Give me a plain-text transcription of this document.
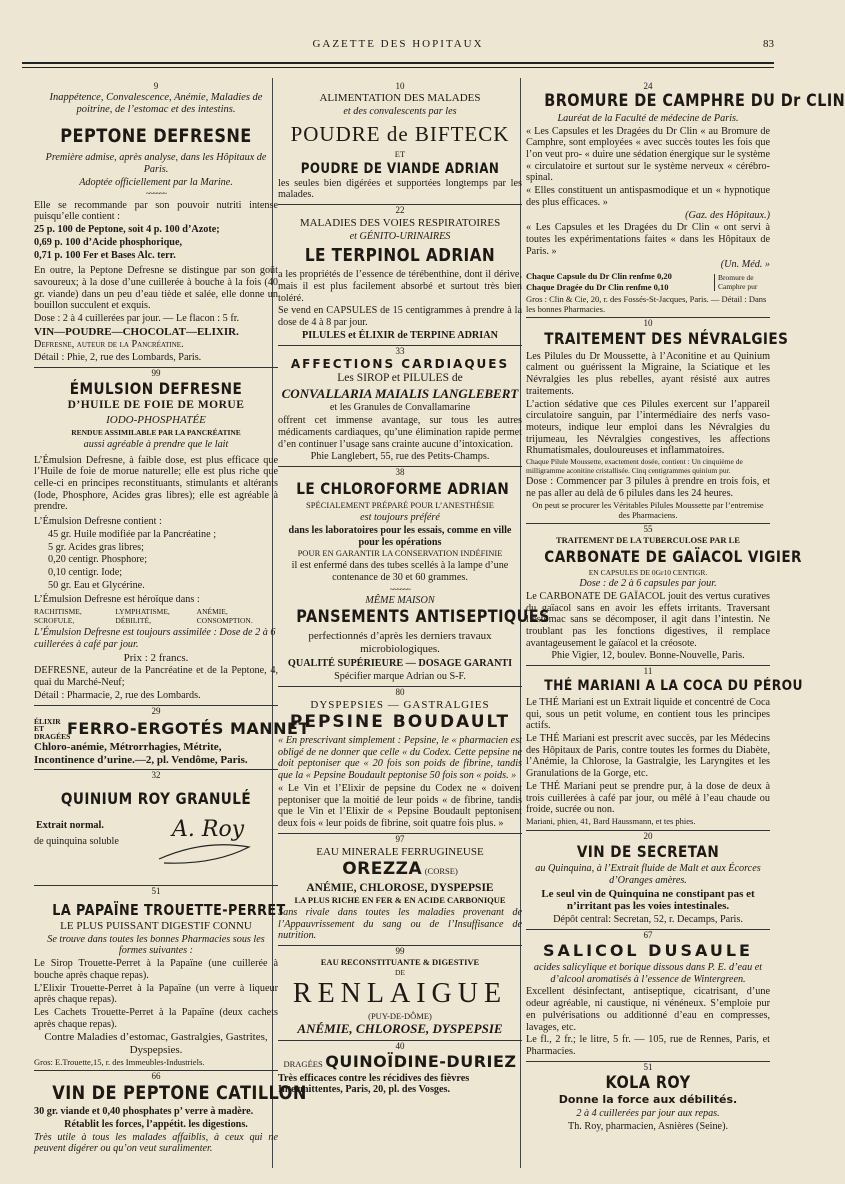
GAZETTE DES HOPITAUX	83
9

Inappétence, Convalescence, Anémie, Maladies de poitrine, de l’estomac et des intestins.

PEPTONE DEFRESNE

Première admise, après analyse, dans les Hôpitaux de Paris.

Adoptée officiellement par la Marine.

~~~~~~

Elle se recommande par son pouvoir nutriti intense puisqu’elle contient :

25 p. 100 de Peptone, soit 4 p. 100 d’Azote;

0,69 p. 100 d’Acide phosphorique,

0,71 p. 100 Fer et Bases Alc. terr.

En outre, la Peptone Defresne se distingue par son goût savoureux; à la dose d’une cuillerée à bouche à la fois (40 gr. viande) dans un peu d’eau tiède et salée, elle donne un bouillon succulent et exquis.

Dose : 2 à 4 cuillerées par jour. — Le flacon : 5 fr.

VIN—POUDRE—CHOCOLAT—ELIXIR.

Defresne, auteur de la Pancréatine.

Détail : Phie, 2, rue des Lombards, Paris.

99
ÉMULSION DEFRESNE

D’HUILE DE FOIE DE MORUE

IODO-PHOSPHATÉE

RENDUE ASSIMILABLE PAR LA PANCRÉATINE

aussi agréable à prendre que le lait

L’Émulsion Defresne, à faible dose, est plus efficace que l’Huile de foie de morue naturelle; elle est plus riche que celle-ci en principes reconstituants, stimulants et altérants (Iode, Phosphore, Acides gras libres); elle est agréable à prendre.

L’Émulsion Defresne contient :

45 gr. Huile modifiée par la Pancréatine ;

5 gr. Acides gras libres;

0,20 centigr. Phosphore;

0,10 centigr. Iode;

50 gr. Eau et Glycérine.

L’Émulsion Defresne est héroïque dans :

RACHITISME,	LYMPHATISME,	ANÉMIE,
SCROFULE,	DÉBILITÉ,	CONSOMPTION.

L’Émulsion Defresne est toujours assimilée : Dose de 2 à 6 cuillerées à café par jour.

Prix : 2 francs.

DEFRESNE, auteur de la Pancréatine et de la Peptone, 4, quai du Marché-Neuf;

Détail : Pharmacie, 2, rue des Lombards.

29
ÉLIXIR ET DRAGÉES
FERRO-ERGOTÉS MANNET

Chloro-anémie, Métrorrhagies, Métrite, Incontinence d’urine.—2, pl. Vendôme, Paris.

32
QUINIUM ROY GRANULÉ

Extrait normal.

de quinquina soluble A. Roy
51
LA PAPAÏNE TROUETTE-PERRET

LE PLUS PUISSANT DIGESTIF CONNU

Se trouve dans toutes les bonnes Pharmacies sous les formes suivantes :

Le Sirop Trouette-Perret à la Papaïne (une cuillerée à bouche après chaque repas).

L’Elixir Trouette-Perret à la Papaïne (un verre à liqueur après chaque repas).

Les Cachets Trouette-Perret à la Papaïne (deux cachets après chaque repas).

Contre Maladies d’estomac, Gastralgies, Gastrites, Dyspepsies.

Gros: E.Trouette,15, r. des Immeubles-Industriels.

66
VIN DE PEPTONE CATILLON

30 gr. viande et 0,40 phosphates p’ verre à madère.

Rétablit les forces, l’appétit. les digestions.

Très utile à tous les malades affaiblis, à ceux qui ne peuvent digérer ou qu’on veut suralimenter.

10

ALIMENTATION DES MALADES

et des convalescents par les

POUDRE de BIFTECK

ET

POUDRE DE VIANDE ADRIAN

les seules bien digérées et supportées longtemps par les malades.

22

MALADIES DES VOIES RESPIRATOIRES

et GÉNITO-URINAIRES

LE TERPINOL ADRIAN

a les propriétés de l’essence de térébenthine, dont il dérive, mais il est plus facilement absorbé et surtout très bien toléré.

Se vend en CAPSULES de 15 centigrammes à prendre à la dose de 4 à 8 par jour.

PILULES et ÉLIXIR de TERPINE ADRIAN

33

AFFECTIONS CARDIAQUES

Les SIROP et PILULES de

CONVALLARIA MAIALIS LANGLEBERT

et les Granules de Convallamarine

offrent cet immense avantage, sur tous les autres médicaments cardiaques, qu’une élimination rapide permet d’en continuer l’usage sans crainte aucune d’intoxication.

Phie Langlebert, 55, rue des Petits-Champs.

38
LE CHLOROFORME ADRIAN

SPÉCIALEMENT PRÉPARÉ POUR L’ANESTHÉSIE

est toujours préféré

dans les laboratoires pour les essais, comme en ville pour les opérations

POUR EN GARANTIR LA CONSERVATION INDÉFINIE

il est enfermé dans des tubes scellés à la lampe d’une contenance de 30 et 60 grammes.

~~~~~~

MÊME MAISON

PANSEMENTS ANTISEPTIQUES

perfectionnés d’après les derniers travaux microbiologiques.

QUALITÉ SUPÉRIEURE — DOSAGE GARANTI

Spécifier marque Adrian ou S-F.

80

DYSPEPSIES — GASTRALGIES

PEPSINE BOUDAULT

« En prescrivant simplement : Pepsine, le « pharmacien est obligé de ne donner que celle « du Codex. Cette pepsine ne doit peptoniser que « 20 fois son poids de fibrine, tandis que la « Pepsine Boudault peptonise 50 fois son « poids. »

« Le Vin et l’Elixir de pepsine du Codex ne « doivent peptoniser que la moitié de leur poids « de fibrine, tandis que le Vin et l’Elixir de « Pepsine Boudault peptonisent deux fois « leur poids de fibrine, soit quatre fois plus. »

97

EAU MINERALE FERRUGINEUSE

OREZZA (CORSE)

ANÉMIE, CHLOROSE, DYSPEPSIE

LA PLUS RICHE EN FER & EN ACIDE CARBONIQUE

Sans rivale dans toutes les maladies provenant de l’Appauvrissement du sang ou de l’Insuffisance de nutrition.

99

EAU RECONSTITUANTE & DIGESTIVE

DE

RENLAIGUE

(PUY-DE-DÔME)

ANÉMIE, CHLOROSE, DYSPEPSIE

40
DRAGÉES QUINOÏDINE-DURIEZ

Très efficaces contre les récidives des fièvres Intermittentes, Paris, 20, pl. des Vosges.

24
BROMURE DE CAMPHRE DU Dr CLIN

Lauréat de la Faculté de médecine de Paris.

« Les Capsules et les Dragées du Dr Clin « au Bromure de Camphre, sont employées « avec succès toutes les fois que l’on veut pro- « duire une sédation énergique sur le système « circulatoire et surtout sur le système nerveux « cérébro-spinal.

« Elles constituent un antispasmodique et un « hypnotique des plus efficaces. »

(Gaz. des Hôpitaux.)

« Les Capsules et les Dragées du Dr Clin « ont servi à toutes les expérimentations faites « dans les Hôpitaux de Paris. »

(Un. Méd. »

Chaque Capsule du Dr Clin renfme 0,20

Chaque Dragée du Dr Clin renfme 0,10

Bromure de Camphre pur

Gros : Clin & Cie, 20, r. des Fossés-St-Jacques, Paris. — Détail : Dans les bonnes Pharmacies.

10
TRAITEMENT DES NÉVRALGIES

Les Pilules du Dr Moussette, à l’Aconitine et au Quinium calment ou guérissent la Migraine, la Sciatique et les Névralgies les plus rebelles, ayant résisté aux autres traitements.

L’action sédative que ces Pilules exercent sur l’appareil circulatoire sanguin, par l’intermédiaire des nerfs vaso-moteurs, indique leur emploi dans les Névralgies du trijumeau, les Névralgies congestives, les affections Rhumatismales, douloureuses et inflammatoires.

Chaque Pilule Moussette, exactement dosée, contient : Un cinquième de milligramme aconitine cristallisée. Cinq centigrammes quinium pur.

Dose : Commencer par 3 pilules à prendre en trois fois, et ne pas aller au delà de 6 pilules dans les 24 heures.

On peut se procurer les Véritables Pilules Moussette par l’entremise des Pharmaciens.

55

TRAITEMENT DE LA TUBERCULOSE PAR LE

CARBONATE DE GAÏACOL VIGIER

EN CAPSULES DE 0Gr10 CENTIGR.

Dose : de 2 à 6 capsules par jour.

Le CARBONATE DE GAÏACOL jouit des vertus curatives du gaïacol sans en avoir les effets irritants. Traversant l’estomac sans se décomposer, il agit dans l’intestin. Ne troublant pas les fonctions digestives, il remplace avantageusement le gaïacol et la créosote.

Phie Vigier, 12, boulev. Bonne-Nouvelle, Paris.

11
THÉ MARIANI A LA COCA DU PÉROU

Le THÉ Mariani est un Extrait liquide et concentré de Coca qui, sous un petit volume, en contient tous les principes actifs.

Le THÉ Mariani est prescrit avec succès, par les Médecins des Hôpitaux de Paris, contre toutes les formes du Diabète, l’Anémie, la Chlorose, la Gastralgie, les Laryngites et les Granulations de la Gorge, etc.

Le THÉ Mariani peut se prendre pur, à la dose de deux à trois cuillerées à café par jour, ou mêlé à l’eau chaude ou froide, sucrée ou non.

Mariani, phien, 41, Bard Haussmann, et tes phies.

20
VIN DE SECRETAN

au Quinquina, à l’Extrait fluide de Malt et aux Écorces d’Oranges amères.

Le seul vin de Quinquina ne constipant pas et n’irritant pas les voies intestinales.

Dépôt central: Secretan, 52, r. Decamps, Paris.

67
SALICOL DUSAULE

acides salicylique et borique dissous dans P. E. d’eau et d’alcool aromatisés à l’essence de Wintergreen.

Excellent désinfectant, antiseptique, cicatrisant, d’une odeur agréable, ni caustique, ni vénéneux. S’emploie pur en pulvérisations ou additionné d’eau en compresses, lavages, etc.

Le fl., 2 fr.; le litre, 5 fr. — 105, rue de Rennes, Paris, et Pharmacies.

51
KOLA ROY

Donne la force aux débilités.

2 à 4 cuillerées par jour aux repas.

Th. Roy, pharmacien, Asnières (Seine).
